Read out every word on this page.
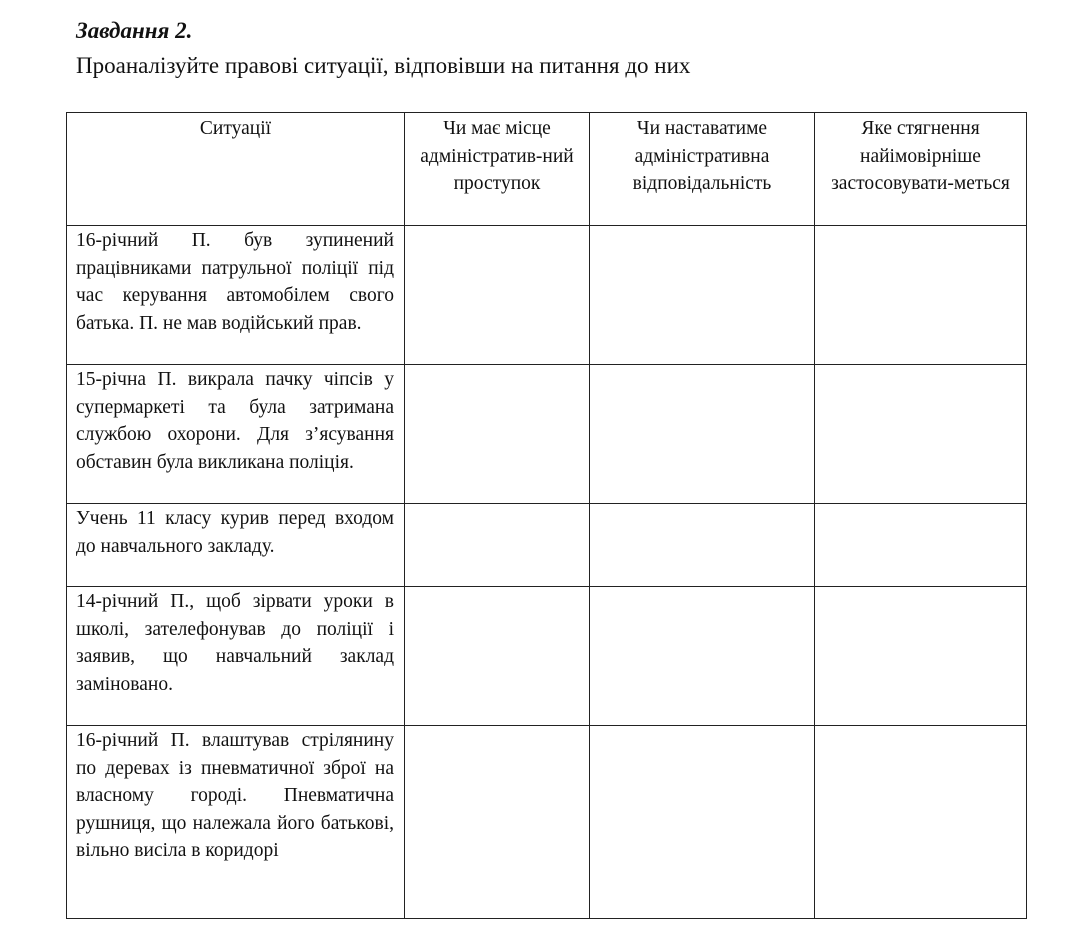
Завдання 2.
Проаналізуйте правові ситуації, відповівши на питання до них
Ситуації	Чи має місце адміністратив-ний проступок	Чи наставатиме адміністративна відповідальність	Яке стягнення найімовірніше застосовувати-меться

16-річний П. був зупинений працівниками патрульної поліції під час керування автомобілем свого батька. П. не мав водійський прав.			

15-річна П. викрала пачку чіпсів у супермаркеті та була затримана службою охорони. Для з’ясування обставин була викликана поліція.			

Учень 11 класу курив перед входом до навчального закладу.			

14-річний П., щоб зірвати уроки в школі, зателефонував до поліції і заявив, що навчальний заклад заміновано.			

16-річний П. влаштував стрілянину по деревах із пневматичної зброї на власному городі. Пневматична рушниця, що належала його батькові, вільно висіла в коридорі			
